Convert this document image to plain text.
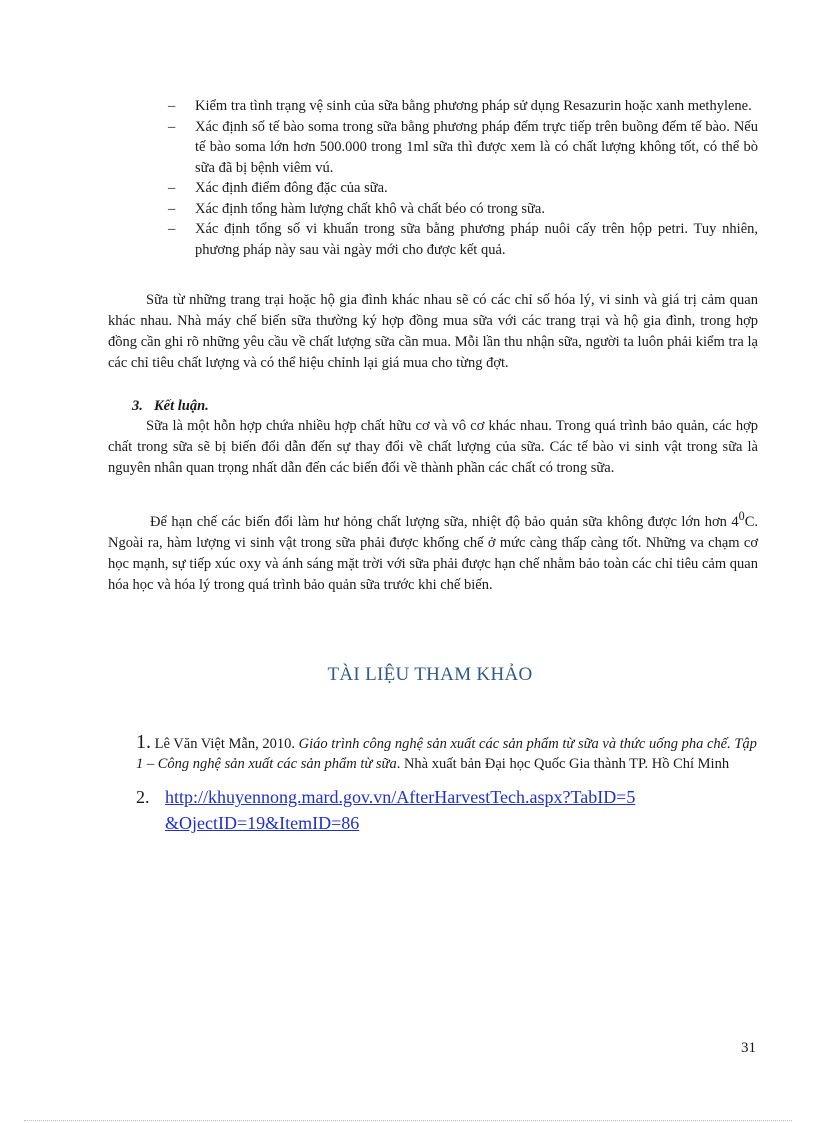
– Kiểm tra tình trạng vệ sinh của sữa bằng phương pháp sử dụng Resazurin hoặc xanh methylene.
– Xác định số tế bào soma trong sữa bằng phương pháp đếm trực tiếp trên buồng đếm tế bào. Nếu tế bào soma lớn hơn 500.000 trong 1ml sữa thì được xem là có chất lượng không tốt, có thể bò sữa đã bị bệnh viêm vú.
– Xác định điểm đông đặc của sữa.
– Xác định tổng hàm lượng chất khô và chất béo có trong sữa.
– Xác định tổng số vi khuẩn trong sữa bằng phương pháp nuôi cấy trên hộp petri. Tuy nhiên, phương pháp này sau vài ngày mới cho được kết quả.

Sữa từ những trang trại hoặc hộ gia đình khác nhau sẽ có các chỉ số hóa lý, vi sinh và giá trị cảm quan khác nhau. Nhà máy chế biến sữa thường ký hợp đồng mua sữa với các trang trại và hộ gia đình, trong hợp đồng cần ghi rõ những yêu cầu về chất lượng sữa cần mua. Mỗi lần thu nhận sữa, người ta luôn phải kiểm tra lạ các chỉ tiêu chất lượng và có thể hiệu chỉnh lại giá mua cho từng đợt.

3. Kết luận.

Sữa là một hỗn hợp chứa nhiều hợp chất hữu cơ và vô cơ khác nhau. Trong quá trình bảo quản, các hợp chất trong sữa sẽ bị biến đổi dẫn đến sự thay đổi về chất lượng của sữa. Các tế bào vi sinh vật trong sữa là nguyên nhân quan trọng nhất dẫn đến các biến đổi về thành phần các chất có trong sữa.

Để hạn chế các biến đổi làm hư hỏng chất lượng sữa, nhiệt độ bảo quản sữa không được lớn hơn $4^0C$. Ngoài ra, hàm lượng vi sinh vật trong sữa phải được khống chế ở mức càng thấp càng tốt. Những va chạm cơ học mạnh, sự tiếp xúc oxy và ánh sáng mặt trời với sữa phải được hạn chế nhằm bảo toàn các chỉ tiêu cảm quan hóa học và hóa lý trong quá trình bảo quản sữa trước khi chế biến.

TÀI LIỆU THAM KHẢO
1. Lê Văn Việt Mẫn, 2010. Giáo trình công nghệ sản xuất các sản phẩm từ sữa và thức uống pha chế. Tập 1 – Công nghệ sản xuất các sản phẩm từ sữa. Nhà xuất bản Đại học Quốc Gia thành TP. Hồ Chí Minh
2. http://khuyennong.mard.gov.vn/AfterHarvestTech.aspx?TabID=5
&OjectID=19&ItemID=86
31
